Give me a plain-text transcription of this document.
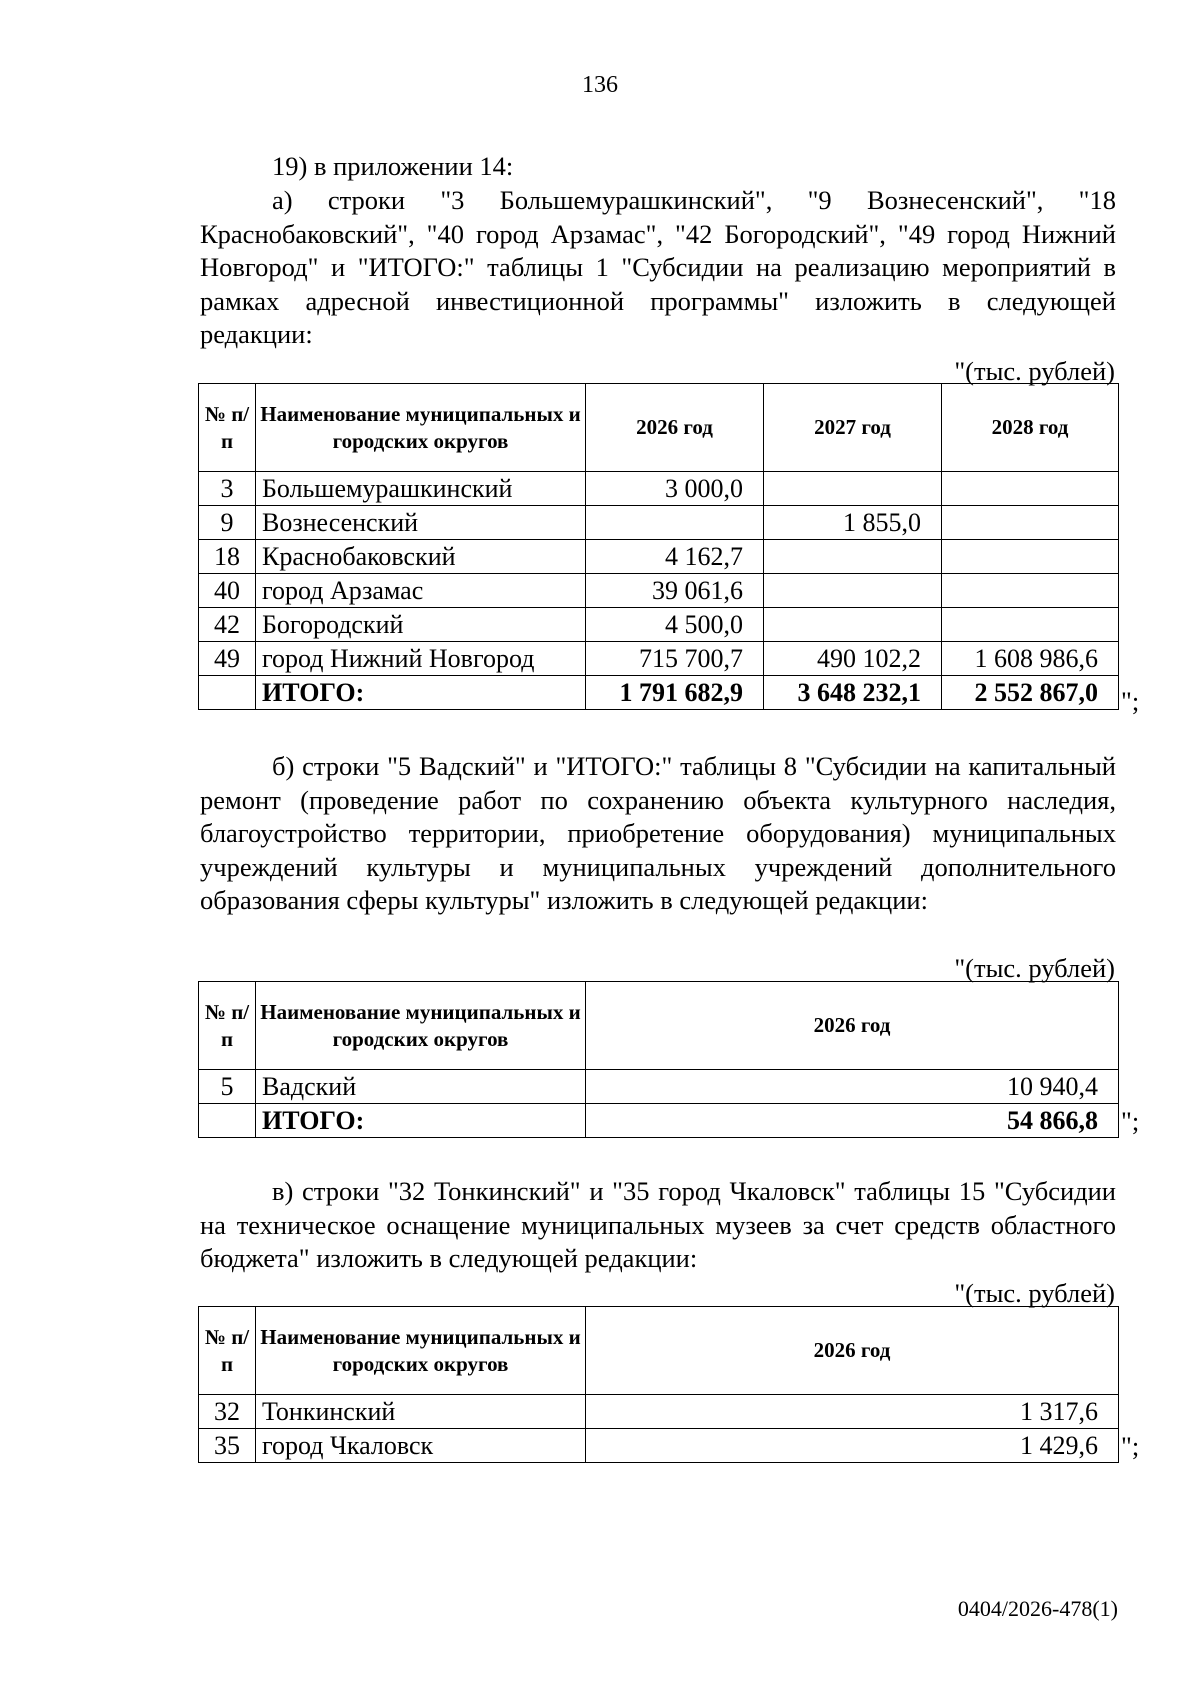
136

19) в приложении 14:

а) строки "3 Большемурашкинский", "9 Вознесенский", "18 Краснобаковский", "40 город Арзамас", "42 Богородский", "49 город Нижний Новгород" и "ИТОГО:" таблицы 1 "Субсидии на реализацию мероприятий в рамках адресной инвестиционной программы" изложить в следующей редакции:

"(тыс. рублей)
№ п/п	Наименование муниципальных и городских округов	2026 год	2027 год	2028 год
3	Большемурашкинский	3 000,0		
9	Вознесенский		1 855,0	
18	Краснобаковский	4 162,7		
40	город Арзамас	39 061,6		
42	Богородский	4 500,0		
49	город Нижний Новгород	715 700,7	490 102,2	1 608 986,6
	ИТОГО:	1 791 682,9	3 648 232,1	2 552 867,0 ";

б) строки "5 Вадский" и "ИТОГО:" таблицы 8 "Субсидии на капитальный ремонт (проведение работ по сохранению объекта культурного наследия, благоустройство территории, приобретение оборудования) муниципальных учреждений культуры и муниципальных учреждений дополнительного образования сферы культуры" изложить в следующей редакции:

"(тыс. рублей)
№ п/п	Наименование муниципальных и городских округов	2026 год
5	Вадский	10 940,4
	ИТОГО:	54 866,8 ";

в) строки "32 Тонкинский" и "35 город Чкаловск" таблицы 15 "Субсидии на техническое оснащение муниципальных музеев за счет средств областного бюджета" изложить в следующей редакции:

"(тыс. рублей)
№ п/п	Наименование муниципальных и городских округов	2026 год
32	Тонкинский	1 317,6
35	город Чкаловск	1 429,6 ";
0404/2026-478(1)
